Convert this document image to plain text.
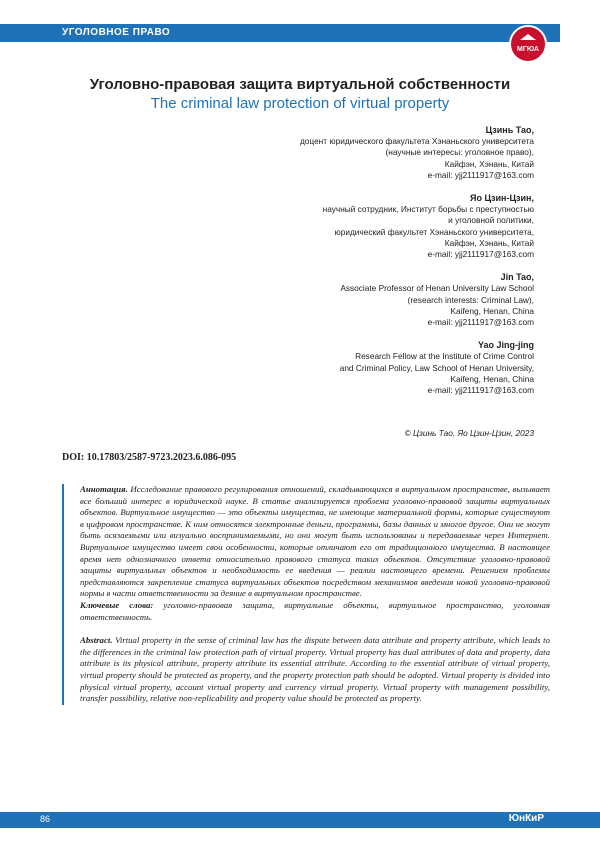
УГОЛОВНОЕ ПРАВО
МГЮА
Уголовно-правовая защита виртуальной собственности
The criminal law protection of virtual property
Цзинь Тао,
доцент юридического факультета Хэнаньского университета
(научные интересы: уголовное право),
Кайфэн, Хэнань, Китай
e-mail: yjj2111917@163.com
Яо Цзин-Цзин,
научный сотрудник, Институт борьбы с преступностью
и уголовной политики,
юридический факультет Хэнаньского университета,
Кайфэн, Хэнань, Китай
e-mail: yjj2111917@163.com
Jin Tao,
Associate Professor of Henan University Law School
(research interests: Criminal Law),
Kaifeng, Henan, China
e-mail: yjj2111917@163.com
Yao Jing-jing
Research Fellow at the Institute of Crime Control
and Criminal Policy, Law School of Henan University,
Kaifeng, Henan, China
e-mail: yjj2111917@163.com
© Цзинь Тао, Яо Цзин-Цзин, 2023
DOI: 10.17803/2587-9723.2023.6.086-095

Аннотация. Исследование правового регулирования отношений, складывающихся в виртуальном пространстве, вызывает все больший интерес в юридической науке. В статье анализируется проблема уголовно-правовой защиты виртуальных объектов. Виртуальное имущество — это объекты имущества, не имеющие материальной формы, которые существуют в цифровом пространстве. К ним относятся электронные деньги, программы, базы данных и многое другое. Они не могут быть осязаемыми или визуально воспринимаемыми, но они могут быть использованы и передаваемые через Интернет. Виртуальное имущество имеет свои особенности, которые отличают его от традиционного имущества. В настоящее время нет однозначного ответа относительно правового статуса таких объектов. Отсутствие уголовно-правовой защиты виртуальных объектов и необходимость ее введения — реалии настоящего времени. Решением проблемы представляются закрепление статуса виртуальных объектов посредством механизмов введения новой уголовно-правовой нормы в части ответственности за деяние в виртуальном пространстве.

Ключевые слова: уголовно-правовая защита, виртуальные объекты, виртуальное пространство, уголовная ответственность.

Abstract. Virtual property in the sense of criminal law has the dispute between data attribute and property attribute, which leads to the differences in the criminal law protection path of virtual property. Virtual property has dual attributes of data and property, data attribute is its physical attribute, property attribute its essential attribute. According to the essential attribute of virtual property, virtual property should be protected as property, and the property protection path should be adopted. Virtual property is divided into physical virtual property, account virtual property and currency virtual property. Virtual property with management possibility, transfer possibility, relative non-replicability and property value should be protected as property.

86	ЮнКиР
